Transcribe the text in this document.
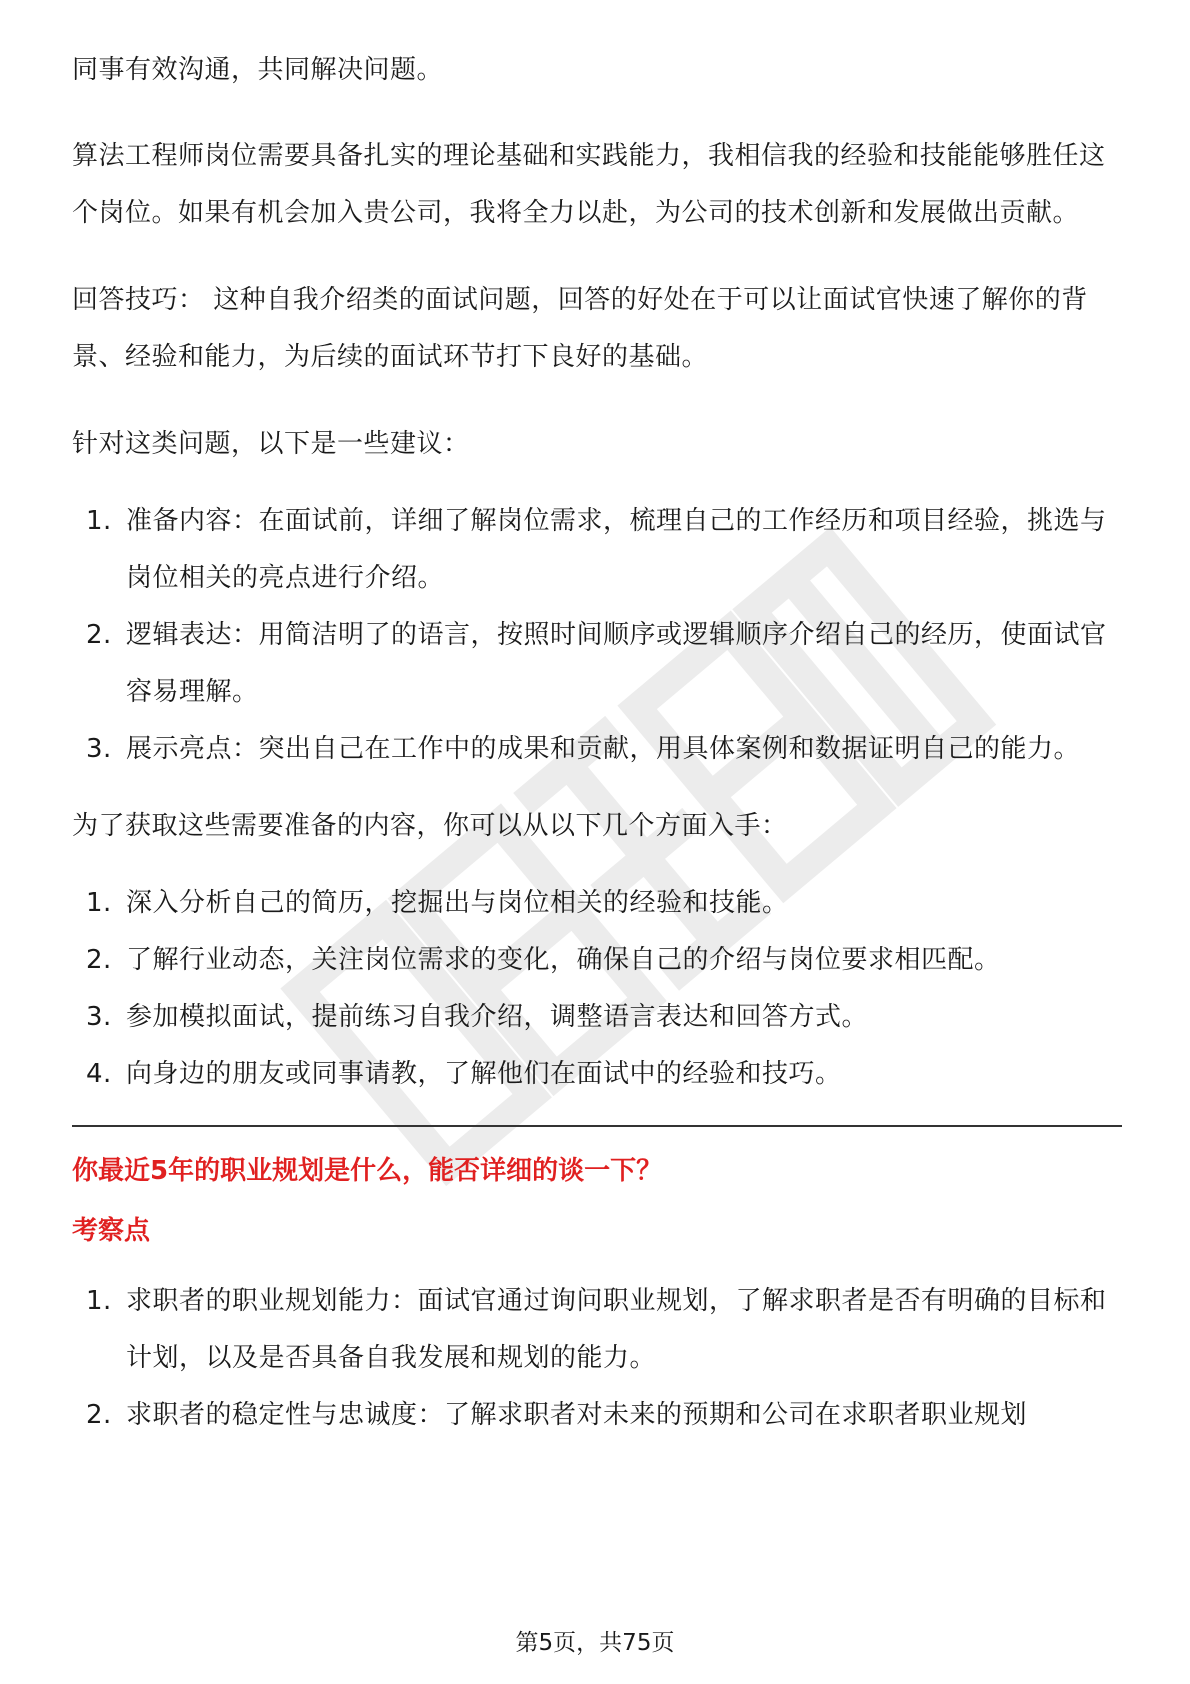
同事有效沟通，共同解决问题。

算法工程师岗位需要具备扎实的理论基础和实践能力，我相信我的经验和技能能够胜任这个岗位。如果有机会加入贵公司，我将全力以赴，为公司的技术创新和发展做出贡献。

回答技巧： 这种自我介绍类的面试问题，回答的好处在于可以让面试官快速了解你的背景、经验和能力，为后续的面试环节打下良好的基础。

针对这类问题，以下是一些建议：

1. 准备内容：在面试前，详细了解岗位需求，梳理自己的工作经历和项目经验，挑选与岗位相关的亮点进行介绍。
2. 逻辑表达：用简洁明了的语言，按照时间顺序或逻辑顺序介绍自己的经历，使面试官容易理解。
3. 展示亮点：突出自己在工作中的成果和贡献，用具体案例和数据证明自己的能力。

为了获取这些需要准备的内容，你可以从以下几个方面入手：

1. 深入分析自己的简历，挖掘出与岗位相关的经验和技能。
2. 了解行业动态，关注岗位需求的变化，确保自己的介绍与岗位要求相匹配。
3. 参加模拟面试，提前练习自我介绍，调整语言表达和回答方式。
4. 向身边的朋友或同事请教，了解他们在面试中的经验和技巧。

你最近5年的职业规划是什么，能否详细的谈一下？

考察点

1. 求职者的职业规划能力：面试官通过询问职业规划，了解求职者是否有明确的目标和计划，以及是否具备自我发展和规划的能力。
2. 求职者的稳定性与忠诚度：了解求职者对未来的预期和公司在求职者职业规划
第5页，共75页
